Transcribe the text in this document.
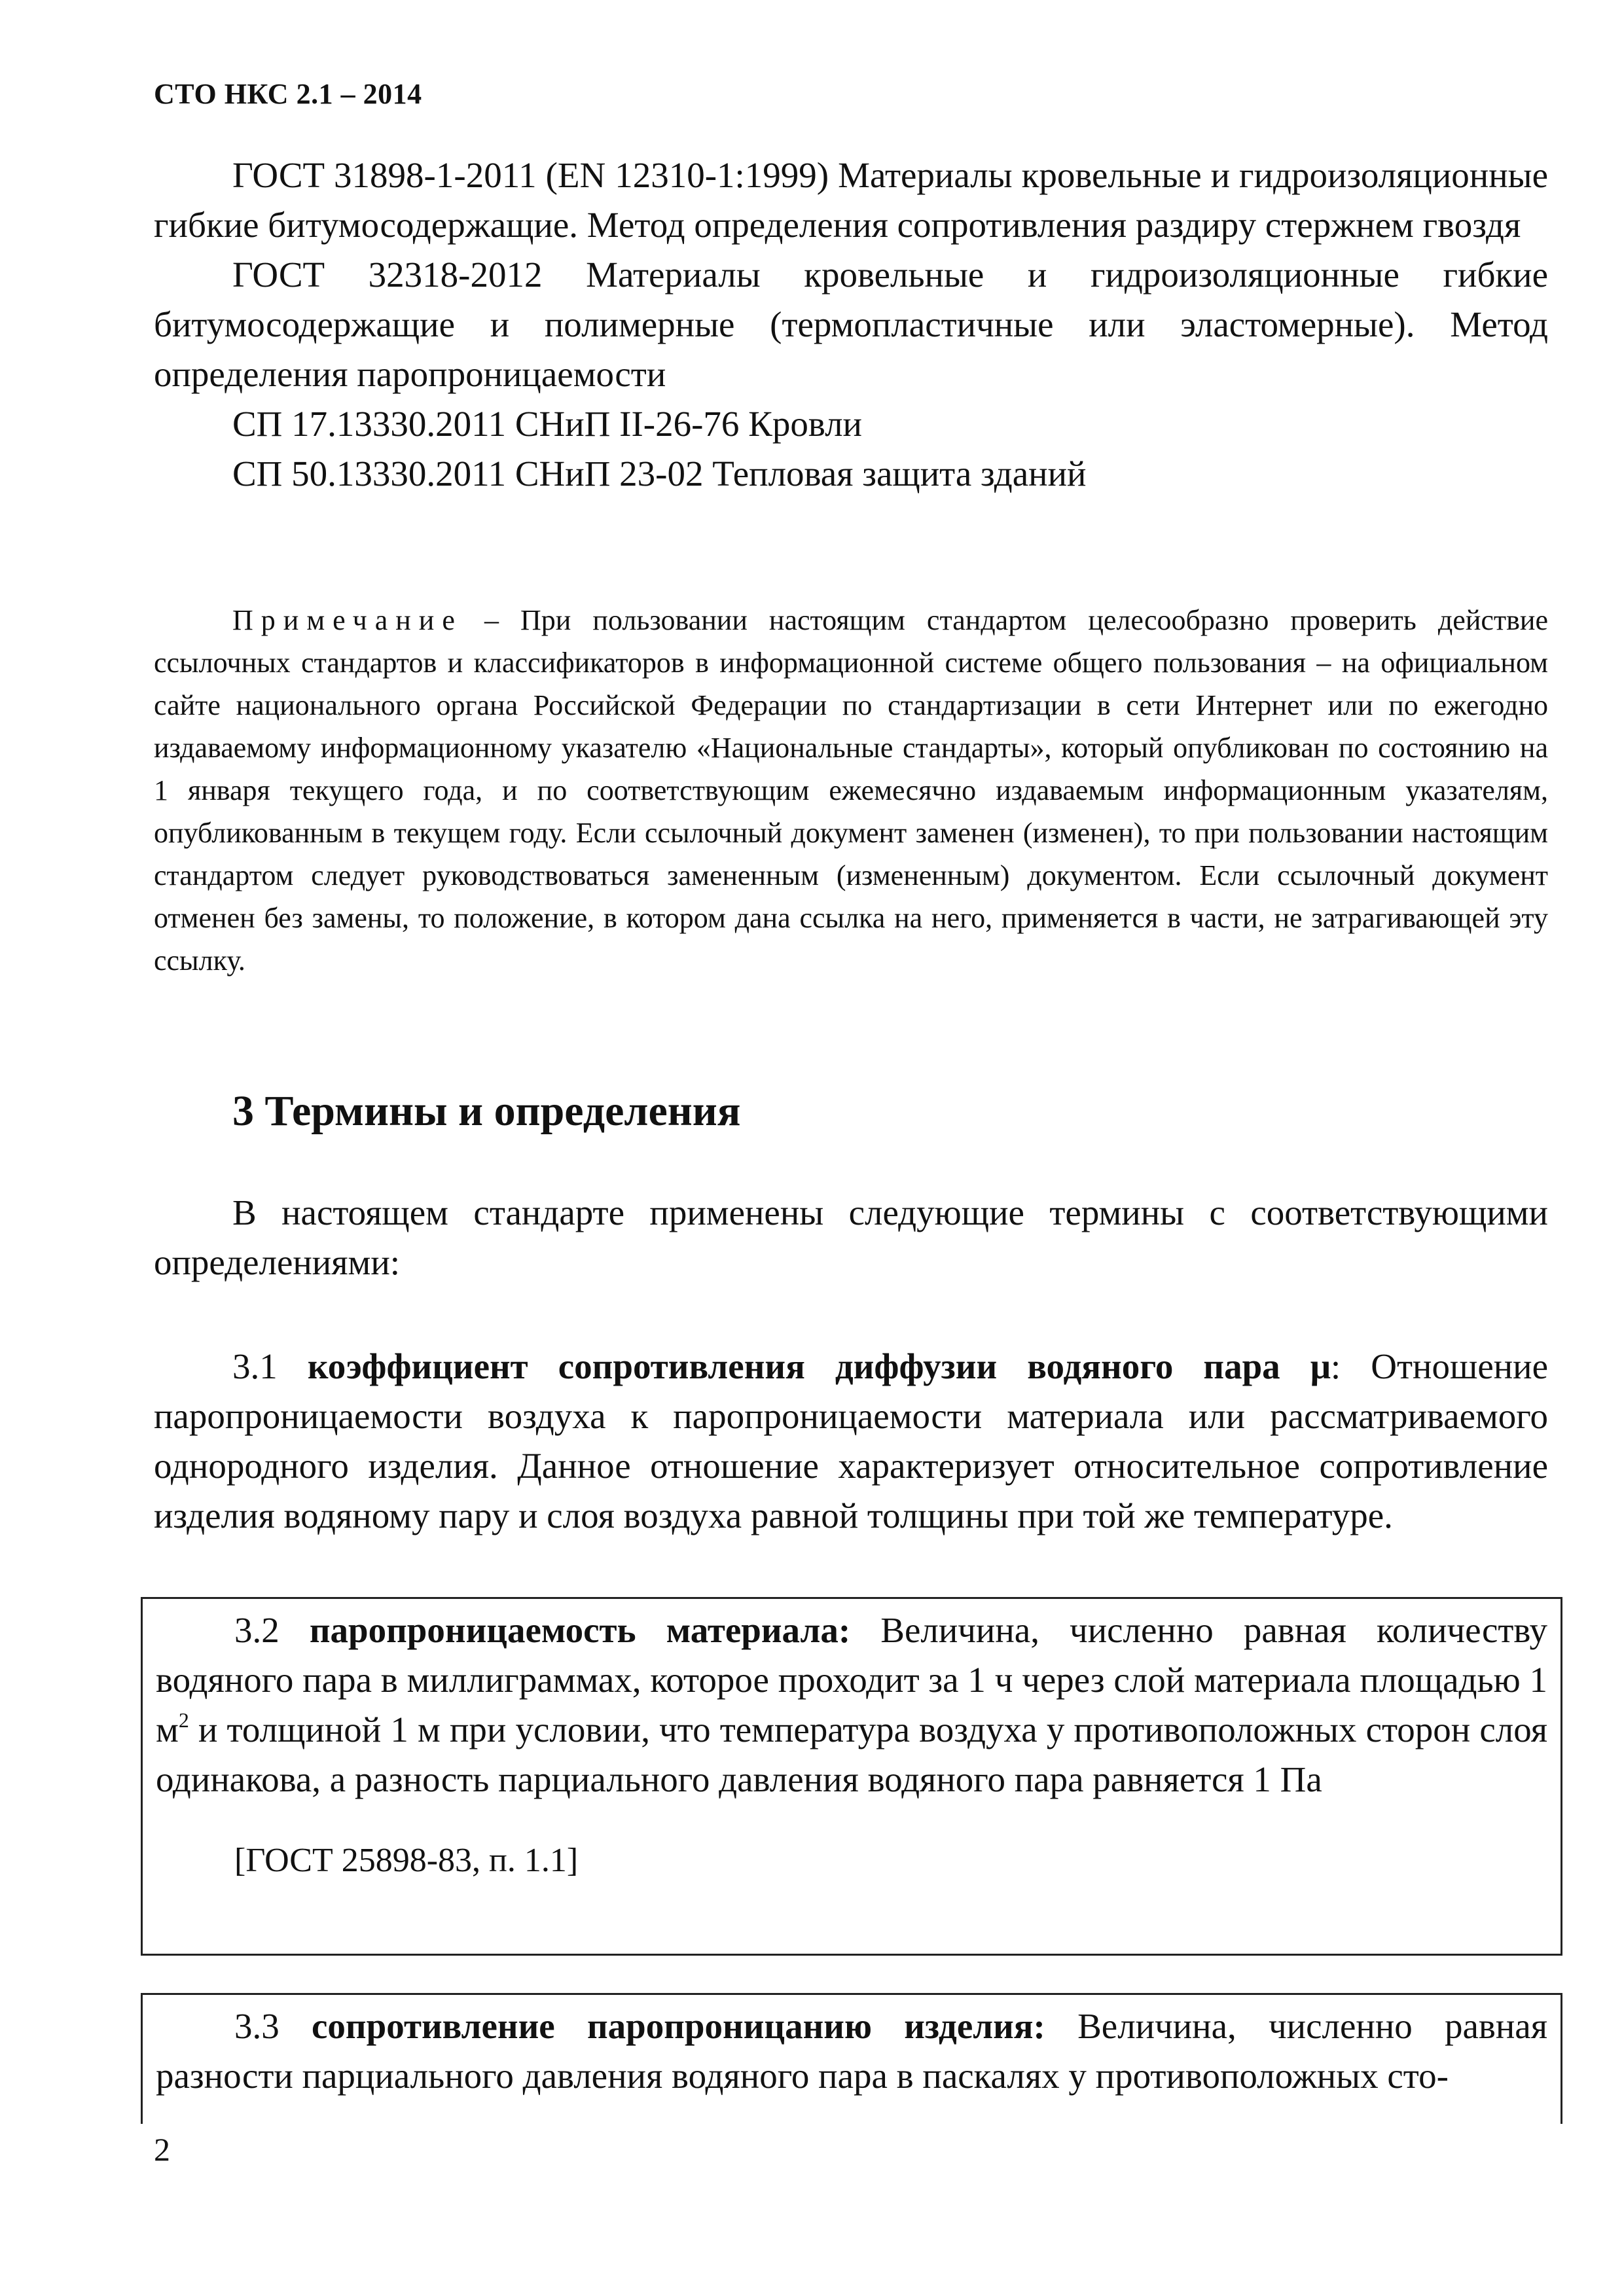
СТО НКС 2.1 – 2014

ГОСТ 31898-1-2011 (EN 12310-1:1999) Материалы кровельные и гидроизоляционные гибкие битумосодержащие. Метод определения сопротивления раздиру стержнем гвоздя

ГОСТ 32318-2012 Материалы кровельные и гидроизоляционные гибкие битумосодержащие и полимерные (термопластичные или эластомерные). Метод определения паропроницаемости

СП 17.13330.2011 СНиП II-26-76 Кровли

СП 50.13330.2011 СНиП 23-02 Тепловая защита зданий

Примечание – При пользовании настоящим стандартом целесообразно проверить действие ссылочных стандартов и классификаторов в информационной системе общего пользования – на официальном сайте национального органа Российской Федерации по стандартизации в сети Интернет или по ежегодно издаваемому информационному указателю «Национальные стандарты», который опубликован по состоянию на 1 января текущего года, и по соответствующим ежемесячно издаваемым информационным указателям, опубликованным в текущем году. Если ссылочный документ заменен (изменен), то при пользовании настоящим стандартом следует руководствоваться замененным (измененным) документом. Если ссылочный документ отменен без замены, то положение, в котором дана ссылка на него, применяется в части, не затрагивающей эту ссылку.

3 Термины и определения

В настоящем стандарте применены следующие термины с соответствующими определениями:

3.1 коэффициент сопротивления диффузии водяного пара μ: Отношение паропроницаемости воздуха к паропроницаемости материала или рассматриваемого однородного изделия. Данное отношение характеризует относительное сопротивление изделия водяному пару и слоя воздуха равной толщины при той же температуре.

3.2 паропроницаемость материала: Величина, численно равная количеству водяного пара в миллиграммах, которое проходит за 1 ч через слой материала площадью 1 $м^2$ и толщиной 1 м при условии, что температура воздуха у противоположных сторон слоя одинакова, а разность парциального давления водяного пара равняется 1 Па

[ГОСТ 25898-83, п. 1.1]

3.3 сопротивление паропроницанию изделия: Величина, численно равная разности парциального давления водяного пара в паскалях у противоположных сто-

2
